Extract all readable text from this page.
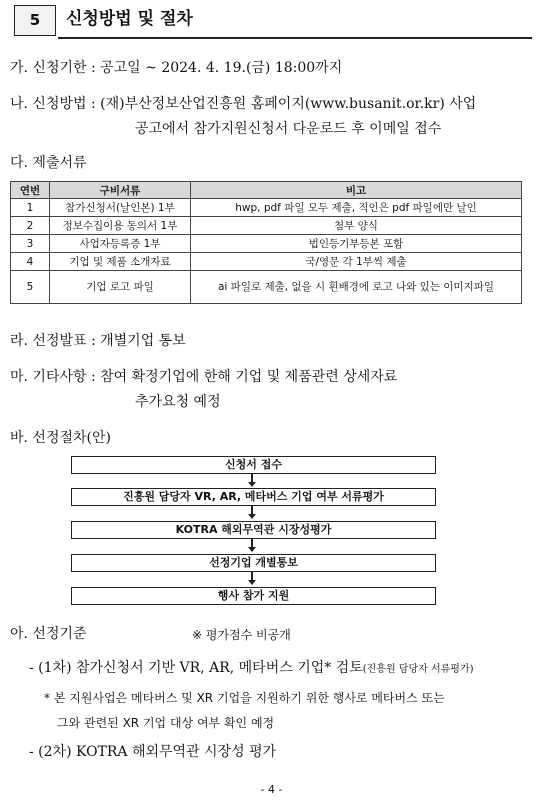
5	신청방법 및 절차
가. 신청기한 : 공고일 ~ 2024. 4. 19.(금) 18:00까지
나. 신청방법 : (재)부산정보산업진흥원 홈페이지(www.busanit.or.kr) 사업
공고에서 참가지원신청서 다운로드 후 이메일 접수
다. 제출서류
연번	구비서류	비고
1	참가신청서(날인본) 1부	hwp, pdf 파일 모두 제출, 직인은 pdf 파일에만 날인
2	정보수집이용 동의서 1부	첨부 양식
3	사업자등록증 1부	법인등기부등본 포함
4	기업 및 제품 소개자료	국/영문 각 1부씩 제출
5	기업 로고 파일	ai 파일로 제출, 없을 시 흰배경에 로고 나와 있는 이미지파일
라. 선정발표 : 개별기업 통보
마. 기타사항 : 참여 확정기업에 한해 기업 및 제품관련 상세자료
추가요청 예정
바. 선정절차(안)
신청서 접수
진흥원 담당자 VR, AR, 메타버스 기업 여부 서류평가
KOTRA 해외무역관 시장성평가
선정기업 개별통보
행사 참가 지원
아. 선정기준	※ 평가점수 비공개
- (1차) 참가신청서 기반 VR, AR, 메타버스 기업* 검토(진흥원 담당자 서류평가)
* 본 지원사업은 메타버스 및 XR 기업을 지원하기 위한 행사로 메타버스 또는
그와 관련된 XR 기업 대상 여부 확인 예정
- (2차) KOTRA 해외무역관 시장성 평가
- 4 -
